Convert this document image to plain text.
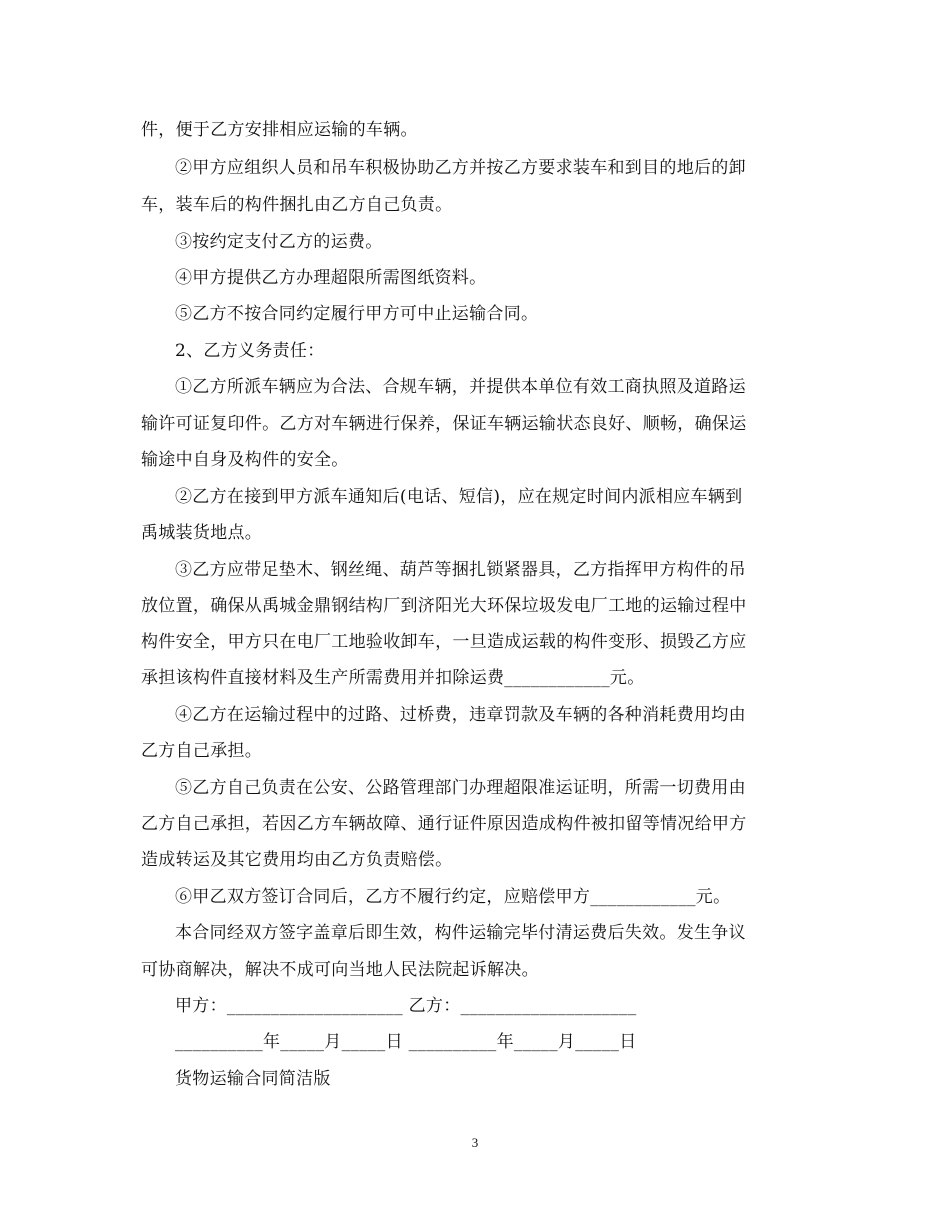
件，便于乙方安排相应运输的车辆。
②甲方应组织人员和吊车积极协助乙方并按乙方要求装车和到目的地后的卸
车，装车后的构件捆扎由乙方自己负责。
③按约定支付乙方的运费。
④甲方提供乙方办理超限所需图纸资料。
⑤乙方不按合同约定履行甲方可中止运输合同。
2、乙方义务责任：
①乙方所派车辆应为合法、合规车辆，并提供本单位有效工商执照及道路运
输许可证复印件。乙方对车辆进行保养，保证车辆运输状态良好、顺畅，确保运
输途中自身及构件的安全。
②乙方在接到甲方派车通知后(电话、短信)，应在规定时间内派相应车辆到
禹城装货地点。
③乙方应带足垫木、钢丝绳、葫芦等捆扎锁紧器具，乙方指挥甲方构件的吊
放位置，确保从禹城金鼎钢结构厂到济阳光大环保垃圾发电厂工地的运输过程中
构件安全，甲方只在电厂工地验收卸车，一旦造成运载的构件变形、损毁乙方应
承担该构件直接材料及生产所需费用并扣除运费____________元。
④乙方在运输过程中的过路、过桥费，违章罚款及车辆的各种消耗费用均由
乙方自己承担。
⑤乙方自己负责在公安、公路管理部门办理超限准运证明，所需一切费用由
乙方自己承担，若因乙方车辆故障、通行证件原因造成构件被扣留等情况给甲方
造成转运及其它费用均由乙方负责赔偿。
⑥甲乙双方签订合同后，乙方不履行约定，应赔偿甲方____________元。
本合同经双方签字盖章后即生效，构件运输完毕付清运费后失效。发生争议
可协商解决，解决不成可向当地人民法院起诉解决。
甲方：____________________ 乙方：____________________
__________年_____月_____日 __________年_____月_____日
货物运输合同简洁版
3
